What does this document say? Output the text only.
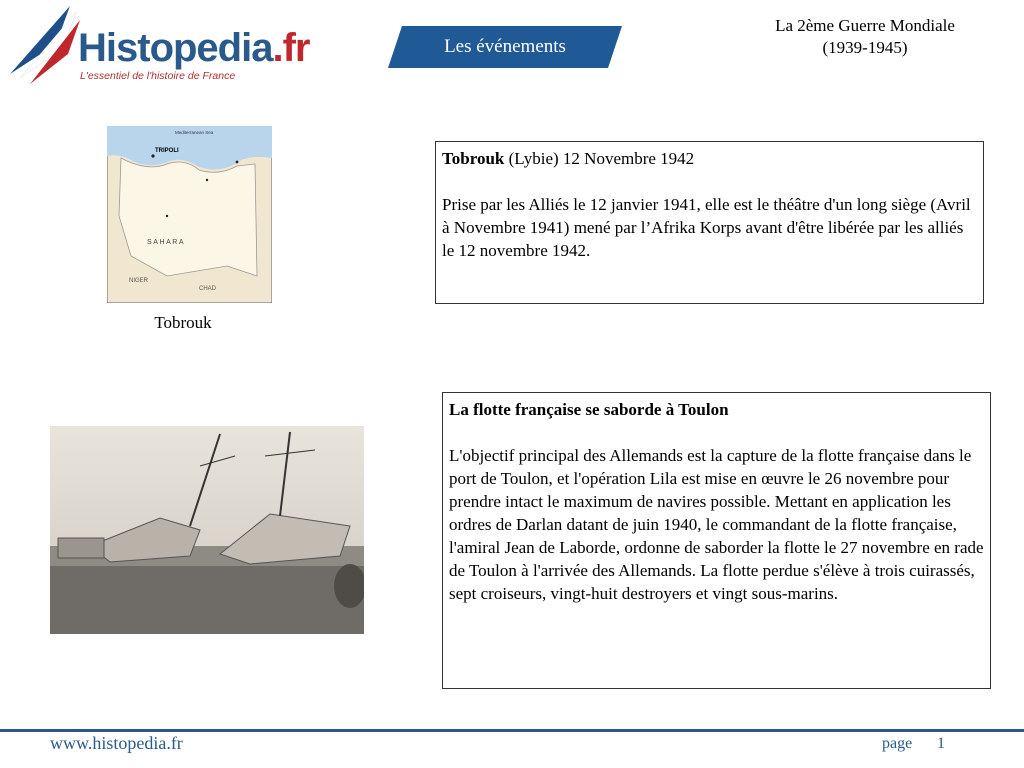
Histopedia.fr
L'essentiel de l'histoire de France
Les événements
La 2ème Guerre Mondiale
(1939-1945)
TRIPOLI
Mediterranean Sea
S A H A R A
NIGER
CHAD
Tobrouk

Tobrouk (Lybie) 12 Novembre 1942

Prise par les Alliés le 12 janvier 1941, elle est le théâtre d'un long siège (Avril à Novembre 1941) mené par l’Afrika Korps avant d'être libérée par les alliés le 12 novembre 1942.

La flotte française se saborde à Toulon

L'objectif principal des Allemands est la capture de la flotte française dans le port de Toulon, et l'opération Lila est mise en œuvre le 26 novembre pour prendre intact le maximum de navires possible. Mettant en application les ordres de Darlan datant de juin 1940, le commandant de la flotte française, l'amiral Jean de Laborde, ordonne de saborder la flotte le 27 novembre en rade de Toulon à l'arrivée des Allemands. La flotte perdue s'élève à trois cuirassés, sept croiseurs, vingt-huit destroyers et vingt sous-marins.

www.histopedia.fr	page 1
